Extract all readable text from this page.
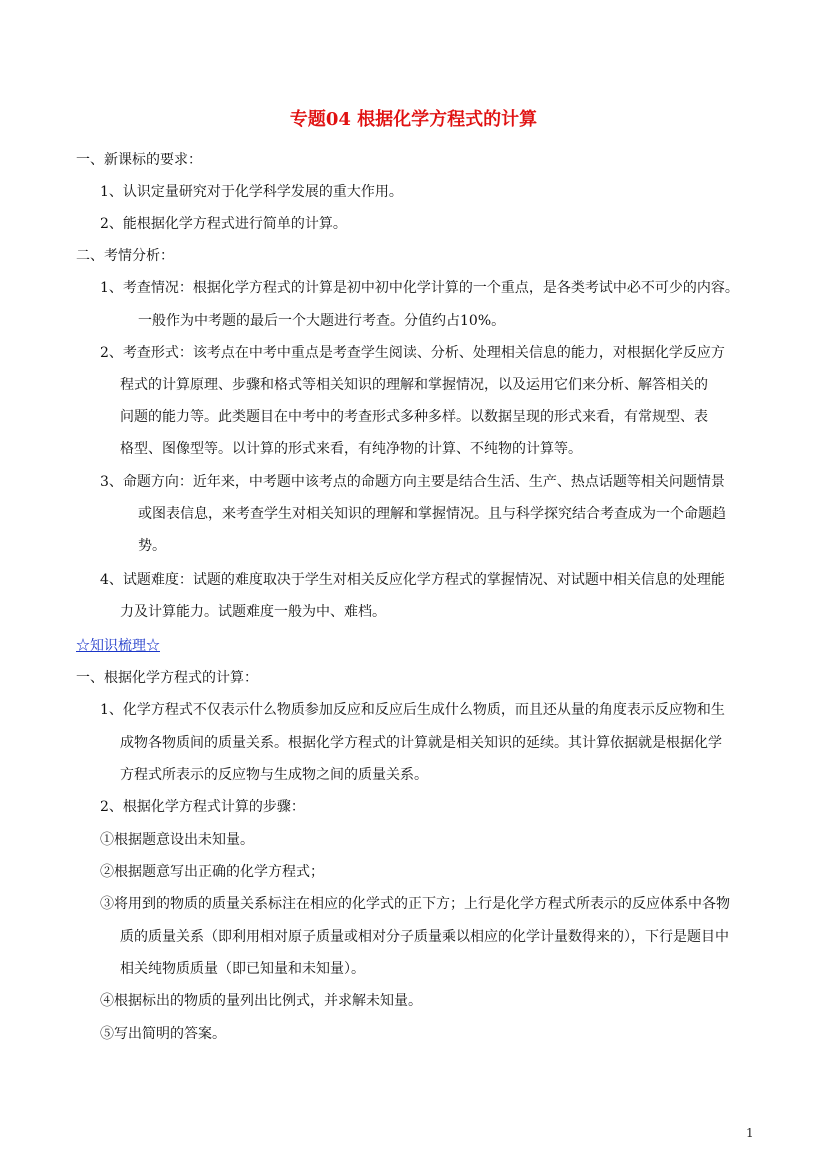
专题04 根据化学方程式的计算
一、新课标的要求：
1、认识定量研究对于化学科学发展的重大作用。
2、能根据化学方程式进行简单的计算。
二、考情分析：
1、考查情况：根据化学方程式的计算是初中初中化学计算的一个重点，是各类考试中必不可少的内容。
一般作为中考题的最后一个大题进行考查。分值约占10%。
2、考查形式：该考点在中考中重点是考查学生阅读、分析、处理相关信息的能力，对根据化学反应方
程式的计算原理、步骤和格式等相关知识的理解和掌握情况，以及运用它们来分析、解答相关的
问题的能力等。此类题目在中考中的考查形式多种多样。以数据呈现的形式来看，有常规型、表
格型、图像型等。以计算的形式来看，有纯净物的计算、不纯物的计算等。
3、命题方向：近年来，中考题中该考点的命题方向主要是结合生活、生产、热点话题等相关问题情景
或图表信息，来考查学生对相关知识的理解和掌握情况。且与科学探究结合考查成为一个命题趋
势。
4、试题难度：试题的难度取决于学生对相关反应化学方程式的掌握情况、对试题中相关信息的处理能
力及计算能力。试题难度一般为中、难档。
☆知识梳理☆
一、根据化学方程式的计算：
1、化学方程式不仅表示什么物质参加反应和反应后生成什么物质，而且还从量的角度表示反应物和生
成物各物质间的质量关系。根据化学方程式的计算就是相关知识的延续。其计算依据就是根据化学
方程式所表示的反应物与生成物之间的质量关系。
2、根据化学方程式计算的步骤：
①根据题意设出未知量。
②根据题意写出正确的化学方程式；
③将用到的物质的质量关系标注在相应的化学式的正下方；上行是化学方程式所表示的反应体系中各物
质的质量关系（即利用相对原子质量或相对分子质量乘以相应的化学计量数得来的），下行是题目中
相关纯物质质量（即已知量和未知量）。
④根据标出的物质的量列出比例式，并求解未知量。
⑤写出简明的答案。
1
